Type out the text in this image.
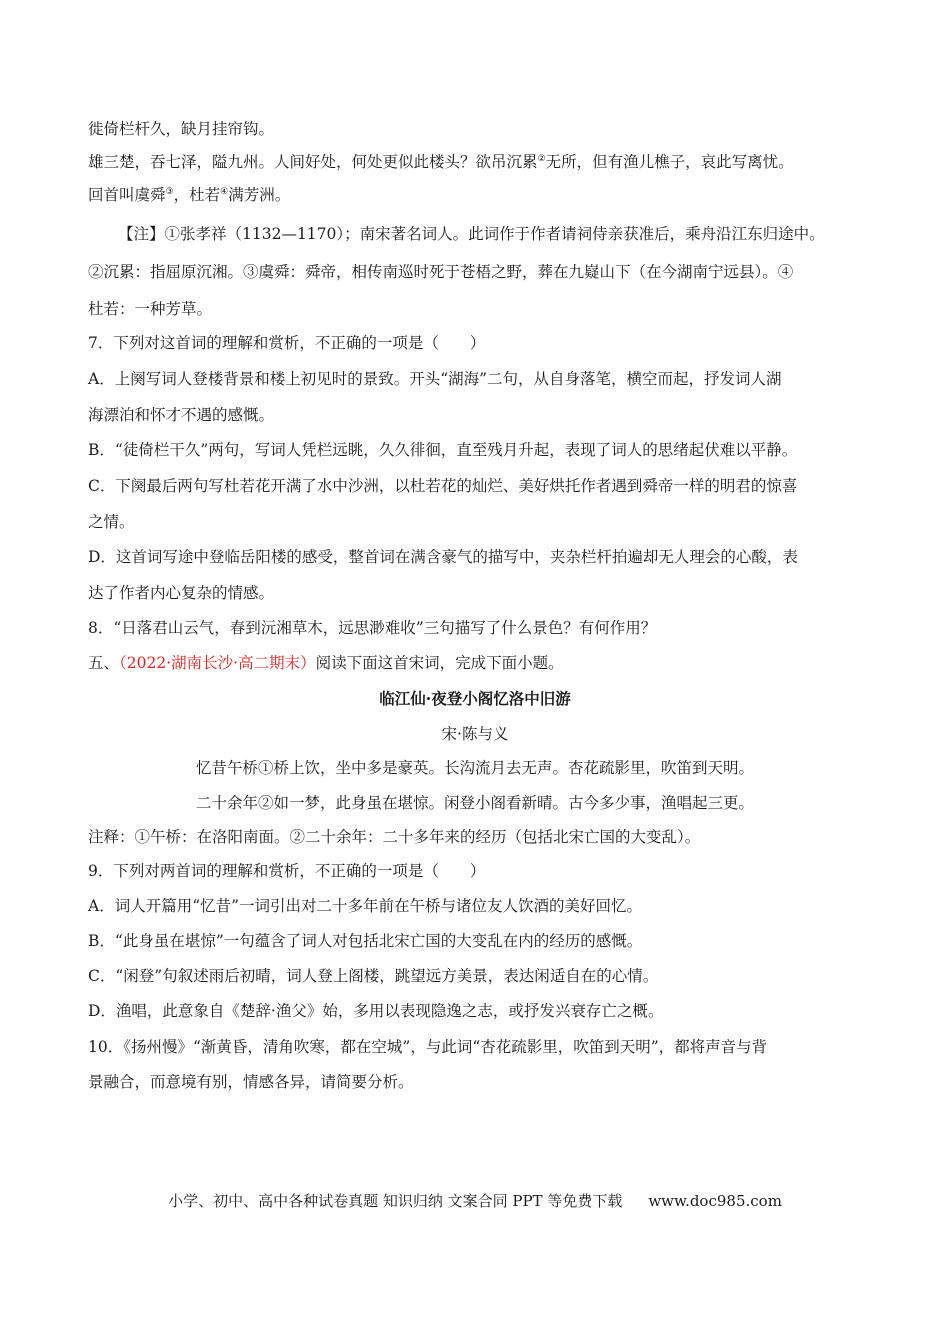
徙倚栏杆久，缺月挂帘钩。
雄三楚，吞七泽，隘九州。人间好处，何处更似此楼头？欲吊沉累②无所，但有渔儿樵子，哀此写离忧。
回首叫虞舜③，杜若④满芳洲。
【注】①张孝祥（1132—1170）；南宋著名词人。此词作于作者请祠侍亲获准后，乘舟沿江东归途中。
②沉累：指屈原沉湘。③虞舜：舜帝，相传南巡时死于苍梧之野，葬在九嶷山下（在今湖南宁远县）。④
杜若：一种芳草。
7．下列对这首词的理解和赏析，不正确的一项是（　　）
A．上阕写词人登楼背景和楼上初见时的景致。开头“湖海”二句，从自身落笔，横空而起，抒发词人湖
海漂泊和怀才不遇的感慨。
B．“徒倚栏干久”两句，写词人凭栏远眺，久久徘徊，直至残月升起，表现了词人的思绪起伏难以平静。
C．下阕最后两句写杜若花开满了水中沙洲，以杜若花的灿烂、美好烘托作者遇到舜帝一样的明君的惊喜
之情。
D．这首词写途中登临岳阳楼的感受，整首词在满含豪气的描写中，夹杂栏杆拍遍却无人理会的心酸，表
达了作者内心复杂的情感。
8．“日落君山云气，春到沅湘草木，远思渺难收”三句描写了什么景色？有何作用？
五、（2022·湖南长沙·高二期末）阅读下面这首宋词，完成下面小题。
临江仙·夜登小阁忆洛中旧游
宋·陈与义
忆昔午桥①桥上饮，坐中多是豪英。长沟流月去无声。杏花疏影里，吹笛到天明。
二十余年②如一梦，此身虽在堪惊。闲登小阁看新晴。古今多少事，渔唱起三更。
注释：①午桥：在洛阳南面。②二十余年：二十多年来的经历（包括北宋亡国的大变乱）。
9．下列对两首词的理解和赏析，不正确的一项是（　　）
A．词人开篇用“忆昔”一词引出对二十多年前在午桥与诸位友人饮酒的美好回忆。
B．“此身虽在堪惊”一句蕴含了词人对包括北宋亡国的大变乱在内的经历的感慨。
C．“闲登”句叙述雨后初晴，词人登上阁楼，跳望远方美景，表达闲适自在的心情。
D．渔唱，此意象自《楚辞·渔父》始，多用以表现隐逸之志，或抒发兴衰存亡之概。
10．《扬州慢》“渐黄昏，清角吹寒，都在空城”，与此词“杏花疏影里，吹笛到天明”，都将声音与背
景融合，而意境有别，情感各异，请简要分析。
小学、初中、高中各种试卷真题 知识归纳 文案合同 PPT 等免费下载 www.doc985.com
